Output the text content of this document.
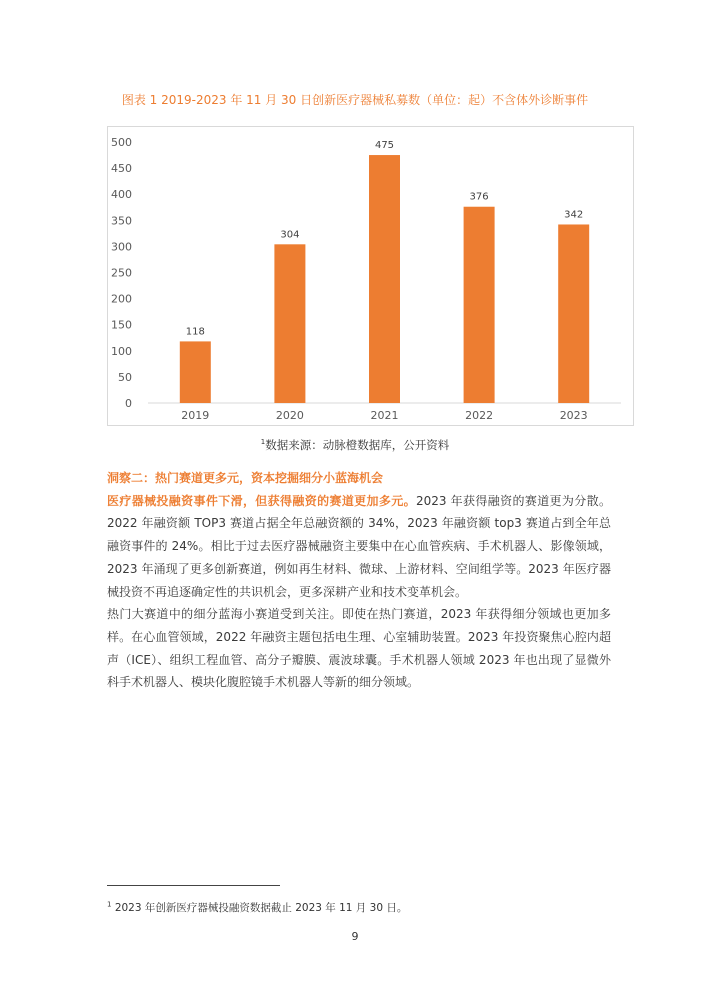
图表 1 2019-2023 年 11 月 30 日创新医疗器械私募数（单位：起）不含体外诊断事件
0
50
100
150
200
250
300
350
400
450
500
118
2019
304
2020
475
2021
376
2022
342
2023
$^1$数据来源：动脉橙数据库，公开资料

洞察二：热门赛道更多元，资本挖掘细分小蓝海机会

医疗器械投融资事件下滑，但获得融资的赛道更加多元。2023 年获得融资的赛道更为分散。2022 年融资额 TOP3 赛道占据全年总融资额的 34%，2023 年融资额 top3 赛道占到全年总融资事件的 24%。相比于过去医疗器械融资主要集中在心血管疾病、手术机器人、影像领域，2023 年涌现了更多创新赛道，例如再生材料、微球、上游材料、空间组学等。2023 年医疗器械投资不再追逐确定性的共识机会，更多深耕产业和技术变革机会。

热门大赛道中的细分蓝海小赛道受到关注。即使在热门赛道，2023 年获得细分领域也更加多样。在心血管领域，2022 年融资主题包括电生理、心室辅助装置。2023 年投资聚焦心腔内超声（ICE）、组织工程血管、高分子瓣膜、震波球囊。手术机器人领域 2023 年也出现了显微外科手术机器人、模块化腹腔镜手术机器人等新的细分领域。

$^1$ 2023 年创新医疗器械投融资数据截止 2023 年 11 月 30 日。
9
